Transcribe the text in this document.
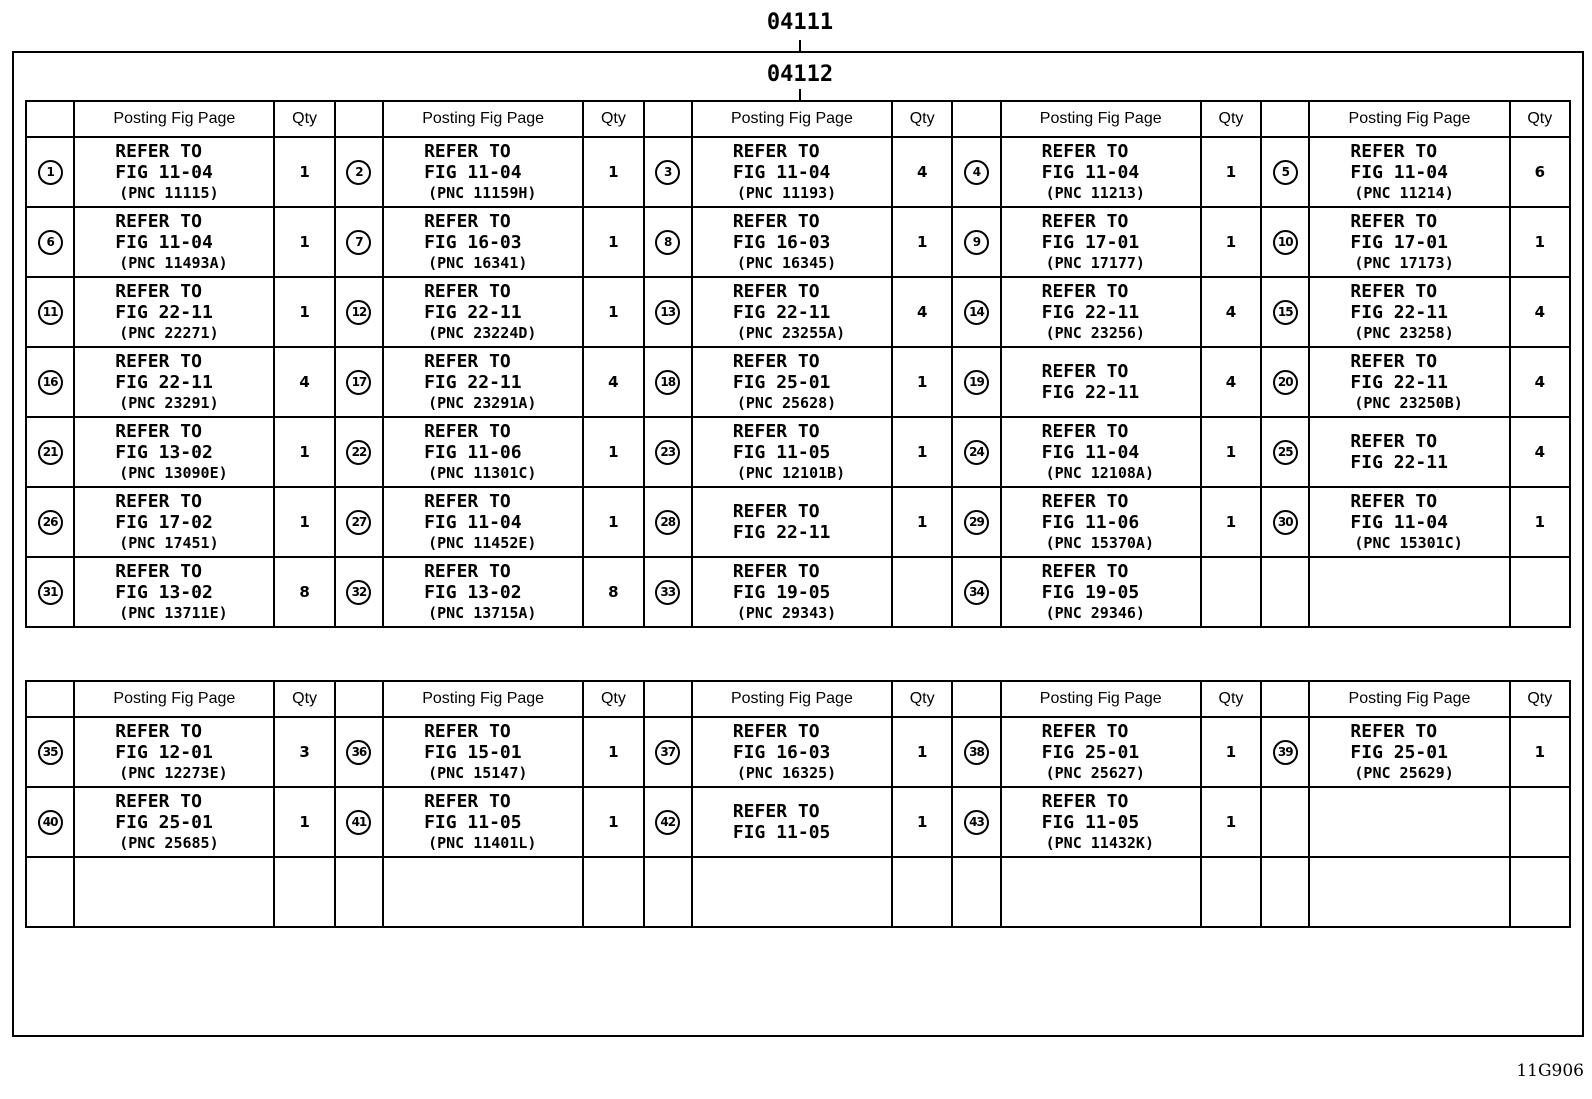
04111
04112
	Posting Fig Page	Qty		Posting Fig Page	Qty		Posting Fig Page	Qty		Posting Fig Page	Qty		Posting Fig Page	Qty
1	REFER TO
FIG 11-04
(PNC 11115)	1	2	REFER TO
FIG 11-04
(PNC 11159H)	1	3	REFER TO
FIG 11-04
(PNC 11193)	4	4	REFER TO
FIG 11-04
(PNC 11213)	1	5	REFER TO
FIG 11-04
(PNC 11214)	6
6	REFER TO
FIG 11-04
(PNC 11493A)	1	7	REFER TO
FIG 16-03
(PNC 16341)	1	8	REFER TO
FIG 16-03
(PNC 16345)	1	9	REFER TO
FIG 17-01
(PNC 17177)	1	10	REFER TO
FIG 17-01
(PNC 17173)	1
11	REFER TO
FIG 22-11
(PNC 22271)	1	12	REFER TO
FIG 22-11
(PNC 23224D)	1	13	REFER TO
FIG 22-11
(PNC 23255A)	4	14	REFER TO
FIG 22-11
(PNC 23256)	4	15	REFER TO
FIG 22-11
(PNC 23258)	4
16	REFER TO
FIG 22-11
(PNC 23291)	4	17	REFER TO
FIG 22-11
(PNC 23291A)	4	18	REFER TO
FIG 25-01
(PNC 25628)	1	19	REFER TO
FIG 22-11	4	20	REFER TO
FIG 22-11
(PNC 23250B)	4
21	REFER TO
FIG 13-02
(PNC 13090E)	1	22	REFER TO
FIG 11-06
(PNC 11301C)	1	23	REFER TO
FIG 11-05
(PNC 12101B)	1	24	REFER TO
FIG 11-04
(PNC 12108A)	1	25	REFER TO
FIG 22-11	4
26	REFER TO
FIG 17-02
(PNC 17451)	1	27	REFER TO
FIG 11-04
(PNC 11452E)	1	28	REFER TO
FIG 22-11	1	29	REFER TO
FIG 11-06
(PNC 15370A)	1	30	REFER TO
FIG 11-04
(PNC 15301C)	1
31	REFER TO
FIG 13-02
(PNC 13711E)	8	32	REFER TO
FIG 13-02
(PNC 13715A)	8	33	REFER TO
FIG 19-05
(PNC 29343)		34	REFER TO
FIG 19-05
(PNC 29346)				

	Posting Fig Page	Qty		Posting Fig Page	Qty		Posting Fig Page	Qty		Posting Fig Page	Qty		Posting Fig Page	Qty
35	REFER TO
FIG 12-01
(PNC 12273E)	3	36	REFER TO
FIG 15-01
(PNC 15147)	1	37	REFER TO
FIG 16-03
(PNC 16325)	1	38	REFER TO
FIG 25-01
(PNC 25627)	1	39	REFER TO
FIG 25-01
(PNC 25629)	1
40	REFER TO
FIG 25-01
(PNC 25685)	1	41	REFER TO
FIG 11-05
(PNC 11401L)	1	42	REFER TO
FIG 11-05	1	43	REFER TO
FIG 11-05
(PNC 11432K)	1			

11G906
